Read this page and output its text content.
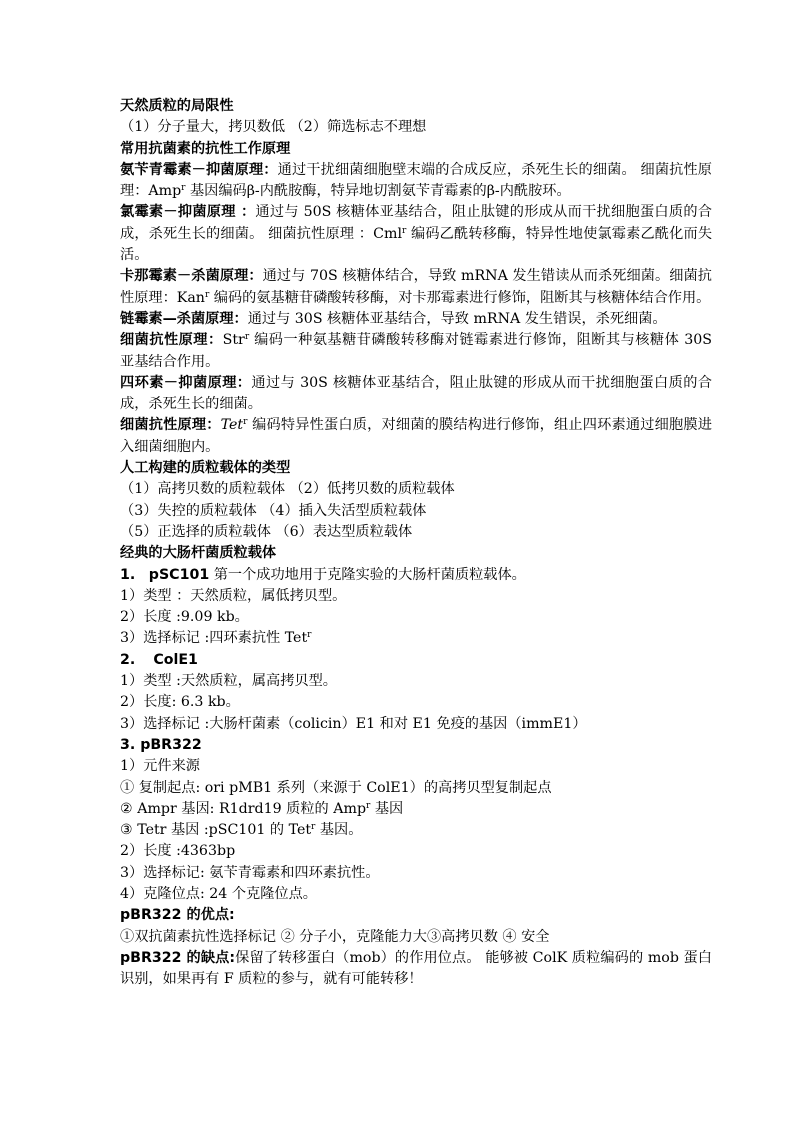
天然质粒的局限性
（1）分子量大，拷贝数低 （2）筛选标志不理想
常用抗菌素的抗性工作原理
氨苄青霉素－抑菌原理：通过干扰细菌细胞壁末端的合成反应，杀死生长的细菌。 细菌抗性原理：Amp$^r$ 基因编码β-内酰胺酶，特异地切割氨苄青霉素的β-内酰胺环。
氯霉素－抑菌原理 ：通过与 50S 核糖体亚基结合，阻止肽键的形成从而干扰细胞蛋白质的合成，杀死生长的细菌。 细菌抗性原理 ：Cml$^r$ 编码乙酰转移酶，特异性地使氯霉素乙酰化而失活。
卡那霉素－杀菌原理：通过与 70S 核糖体结合，导致 mRNA 发生错读从而杀死细菌。细菌抗性原理：Kan$^r$ 编码的氨基糖苷磷酸转移酶，对卡那霉素进行修饰，阻断其与核糖体结合作用。
链霉素—杀菌原理：通过与 30S 核糖体亚基结合，导致 mRNA 发生错误，杀死细菌。
细菌抗性原理：Str$^r$ 编码一种氨基糖苷磷酸转移酶对链霉素进行修饰，阻断其与核糖体 30S 亚基结合作用。
四环素－抑菌原理：通过与 30S 核糖体亚基结合，阻止肽键的形成从而干扰细胞蛋白质的合成，杀死生长的细菌。
细菌抗性原理：Tet$^r$ 编码特异性蛋白质，对细菌的膜结构进行修饰，组止四环素通过细胞膜进入细菌细胞内。
人工构建的质粒载体的类型
（1）高拷贝数的质粒载体 （2）低拷贝数的质粒载体
（3）失控的质粒载体 （4）插入失活型质粒载体
（5）正选择的质粒载体 （6）表达型质粒载体
经典的大肠杆菌质粒载体
1. pSC101 第一个成功地用于克隆实验的大肠杆菌质粒载体。
1）类型 ：天然质粒，属低拷贝型。
2）长度 :9.09 kb。
3）选择标记 :四环素抗性 Tet$^r$
2. ColE1
1）类型 :天然质粒，属高拷贝型。
2）长度: 6.3 kb。
3）选择标记 :大肠杆菌素（colicin）E1 和对 E1 免疫的基因（immE1）
3. pBR322
1）元件来源
① 复制起点: ori pMB1 系列（来源于 ColE1）的高拷贝型复制起点
② Ampr 基因: R1drd19 质粒的 Amp$^r$ 基因
③ Tetr 基因 :pSC101 的 Tet$^r$ 基因。
2）长度 :4363bp
3）选择标记: 氨苄青霉素和四环素抗性。
4）克隆位点: 24 个克隆位点。
pBR322 的优点:
①双抗菌素抗性选择标记 ② 分子小，克隆能力大③高拷贝数 ④ 安全
pBR322 的缺点:保留了转移蛋白（mob）的作用位点。 能够被 ColK 质粒编码的 mob 蛋白识别，如果再有 F 质粒的参与，就有可能转移！
